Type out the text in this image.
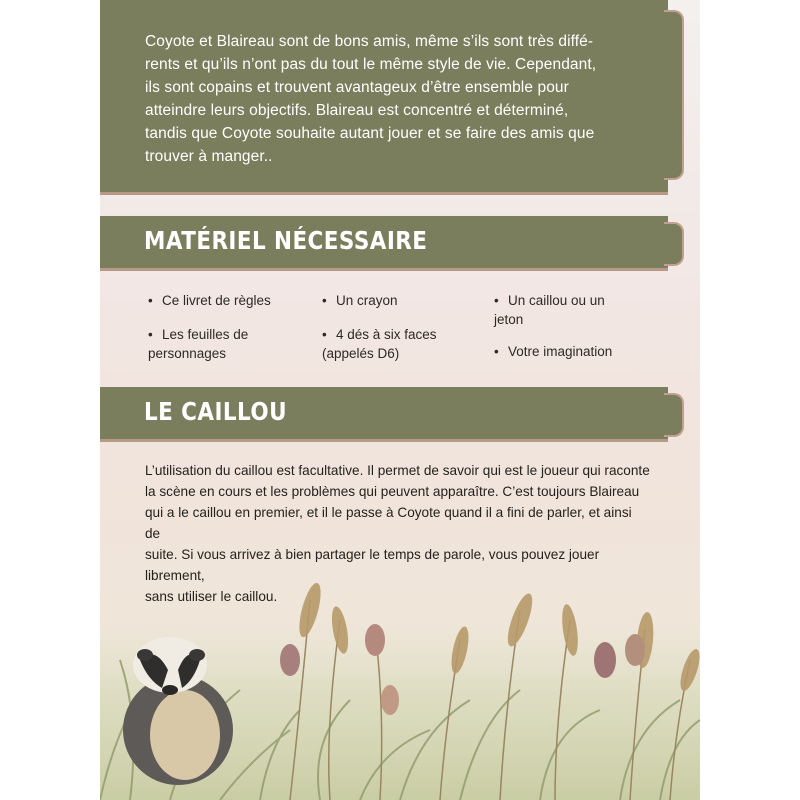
Coyote et Blaireau sont de bons amis, même s’ils sont très diffé-
rents et qu’ils n’ont pas du tout le même style de vie. Cependant,
ils sont copains et trouvent avantageux d’être ensemble pour
atteindre leurs objectifs. Blaireau est concentré et déterminé,
tandis que Coyote souhaite autant jouer et se faire des amis que
trouver à manger..

MATÉRIEL NÉCESSAIRE
• Ce livret de règles
• Les feuilles de personnages
• Un crayon
• 4 dés à six faces (appelés D6)
• Un caillou ou un jeton
• Votre imagination
LE CAILLOU

L’utilisation du caillou est facultative. Il permet de savoir qui est le joueur qui raconte
la scène en cours et les problèmes qui peuvent apparaître. C’est toujours Blaireau
qui a le caillou en premier, et il le passe à Coyote quand il a fini de parler, et ainsi de
suite. Si vous arrivez à bien partager le temps de parole, vous pouvez jouer librement,
sans utiliser le caillou.
